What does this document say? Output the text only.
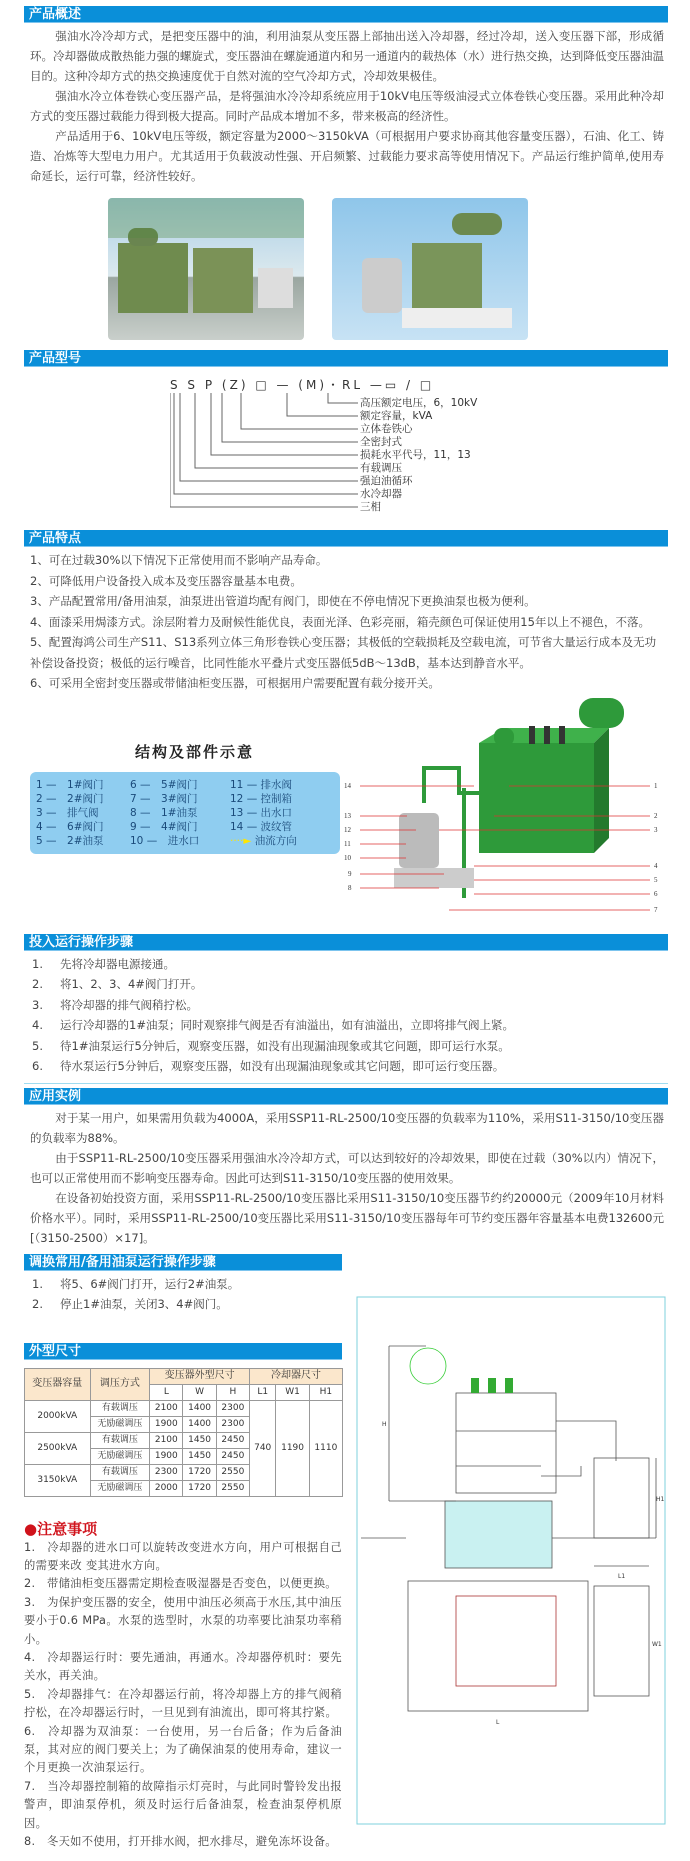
产品概述

强油水冷冷却方式，是把变压器中的油，利用油泵从变压器上部抽出送入冷却器，经过冷却，送入变压器下部，形成循环。冷却器做成散热能力强的螺旋式，变压器油在螺旋通道内和另一通道内的载热体（水）进行热交换，达到降低变压器油温目的。这种冷却方式的热交换速度优于自然对流的空气冷却方式，冷却效果极佳。

强油水冷立体卷铁心变压器产品，是将强油水冷冷却系统应用于10kV电压等级油浸式立体卷铁心变压器。采用此种冷却方式的变压器过载能力得到极大提高。同时产品成本增加不多，带来极高的经济性。

产品适用于6、10kV电压等级，额定容量为2000～3150kVA（可根据用户要求协商其他容量变压器），石油、化工、铸造、冶炼等大型电力用户。尤其适用于负载波动性强、开启频繁、过载能力要求高等使用情况下。产品运行维护简单,使用寿命延长，运行可靠，经济性较好。

产品型号
S S P (Z) □ — (M)・RL —▭ / □
高压额定电压，6，10kV
额定容量，kVA
立体卷铁心
全密封式
损耗水平代号，11，13
有载调压
强迫油循环
水冷却器
三相
产品特点
1、可在过载30%以下情况下正常使用而不影响产品寿命。
2、可降低用户设备投入成本及变压器容量基本电费。
3、产品配置常用/备用油泵，油泵进出管道均配有阀门，即使在不停电情况下更换油泵也极为便利。
4、面漆采用焗漆方式。涂层附着力及耐候性能优良，表面光泽、色彩亮丽，箱壳颜色可保证使用15年以上不褪色，不落。
5、配置海鸿公司生产S11、S13系列立体三角形卷铁心变压器；其极低的空载损耗及空载电流，可节省大量运行成本及无功补偿设备投资；极低的运行噪音，比同性能水平叠片式变压器低5dB～13dB，基本达到静音水平。
6、可采用全密封变压器或带储油柜变压器，可根据用户需要配置有载分接开关。
结构及部件示意
1 —　1#阀门
2 —　2#阀门
3 —　排气阀
4 —　6#阀门
5 —　2#油泵
6 —　5#阀门
7 —　3#阀门
8 —　1#油泵
9 —　4#阀门
10 —　进水口
11 — 排水阀
12 — 控制箱
13 — 出水口
14 — 波纹管
····► 油流方向
14
13
12
11
10
9
8
1
2
3
4
5
6
7
投入运行操作步骤
先将冷却器电源接通。
将1、2、3、4#阀门打开。
将冷却器的排气阀稍拧松。
运行冷却器的1#油泵；同时观察排气阀是否有油溢出，如有油溢出，立即将排气阀上紧。
待1#油泵运行5分钟后，观察变压器，如没有出现漏油现象或其它问题，即可运行水泵。
待水泵运行5分钟后，观察变压器，如没有出现漏油现象或其它问题，即可运行变压器。
应用实例

对于某一用户，如果需用负载为4000A，采用SSP11-RL-2500/10变压器的负载率为110%，采用S11-3150/10变压器的负载率为88%。

由于SSP11-RL-2500/10变压器采用强油水冷冷却方式，可以达到较好的冷却效果，即使在过载（30%以内）情况下，也可以正常使用而不影响变压器寿命。因此可达到S11-3150/10变压器的使用效果。

在设备初始投资方面，采用SSP11-RL-2500/10变压器比采用S11-3150/10变压器节约约20000元（2009年10月材料价格水平）。同时，采用SSP11-RL-2500/10变压器比采用S11-3150/10变压器每年可节约变压器年容量基本电费132600元[（3150-2500）×17]。

调换常用/备用油泵运行操作步骤
将5、6#阀门打开，运行2#油泵。
停止1#油泵，关闭3、4#阀门。
外型尺寸
变压器容量	调压方式	变压器外型尺寸			冷却器尺寸		
		L	W	H	L1	W1	H1
2000kVA	有载调压	2100	1400	2300	740	1190	1110
	无励磁调压	1900	1400	2300			
2500kVA	有载调压	2100	1450	2450			
	无励磁调压	1900	1450	2450			
3150kVA	有载调压	2300	1720	2550			
	无励磁调压	2000	1720	2550			
●注意事项
1.　冷却器的进水口可以旋转改变进水方向，用户可根据自己的需要来改 变其进水方向。
2.　带储油柜变压器需定期检查吸湿器是否变色，以便更换。
3.　为保护变压器的安全，使用中油压必须高于水压,其中油压要小于0.6 MPa。水泵的选型时，水泵的功率要比油泵功率稍小。
4.　冷却器运行时：要先通油，再通水。冷却器停机时：要先关水，再关油。
5.　冷却器排气：在冷却器运行前，将冷却器上方的排气阀稍拧松，在冷却器运行时，一旦见到有油流出，即可将其拧紧。
6.　冷却器为双油泵：一台使用，另一台后备；作为后备油泵，其对应的阀门要关上；为了确保油泵的使用寿命，建议一个月更换一次油泵运行。
7.　当冷却器控制箱的故障指示灯亮时，与此同时警铃发出报警声，即油泵停机，须及时运行后备油泵，检查油泵停机原因。
8.　冬天如不使用，打开排水阀，把水排尽，避免冻坏设备。
H
H1
L1
W1
L
